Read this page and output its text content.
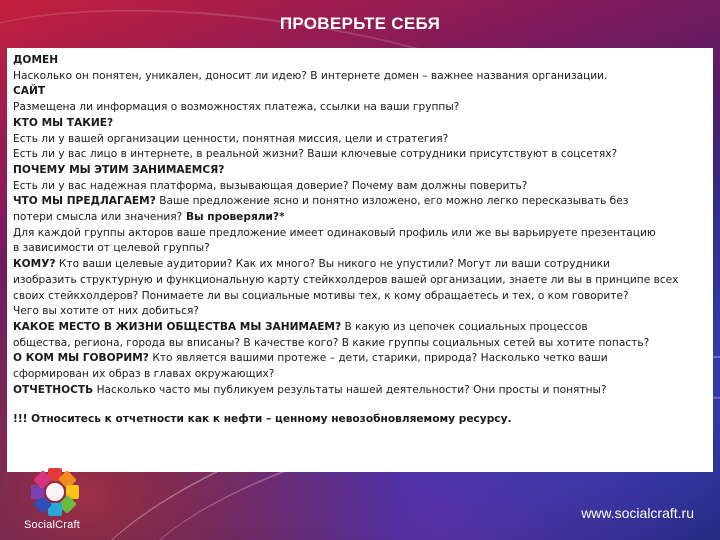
ПРОВЕРЬТЕ СЕБЯ

ДОМЕН

Насколько он понятен, уникален, доносит ли идею? В интернете домен – важнее названия организации.

САЙТ

Размещена ли информация о возможностях платежа, ссылки на ваши группы?

КТО МЫ ТАКИЕ?

Есть ли у вашей организации ценности, понятная миссия, цели и стратегия?

Есть ли у вас лицо в интернете, в реальной жизни? Ваши ключевые сотрудники присутствуют в соцсетях?

ПОЧЕМУ МЫ ЭТИМ ЗАНИМАЕМСЯ?

Есть ли у вас надежная платформа, вызывающая доверие? Почему вам должны поверить?

ЧТО МЫ ПРЕДЛАГАЕМ? Ваше предложение ясно и понятно изложено, его можно легко пересказывать без

потери смысла или значения? Вы проверяли?*

Для каждой группы акторов ваше предложение имеет одинаковый профиль или же вы варьируете презентацию

в зависимости от целевой группы?

КОМУ? Кто ваши целевые аудитории? Как их много? Вы никого не упустили? Могут ли ваши сотрудники

изобразить структурную и функциональную карту стейкхолдеров вашей организации, знаете ли вы в принципе всех

своих стейкхолдеров? Понимаете ли вы социальные мотивы тех, к кому обращаетесь и тех, о ком говорите?

Чего вы хотите от них добиться?

КАКОЕ МЕСТО В ЖИЗНИ ОБЩЕСТВА МЫ ЗАНИМАЕМ? В какую из цепочек социальных процессов

общества, региона, города вы вписаны? В качестве кого? В какие группы социальных сетей вы хотите попасть?

О КОМ МЫ ГОВОРИМ? Кто является вашими протеже – дети, старики, природа? Насколько четко ваши

сформирован их образ в главах окружающих?

ОТЧЕТНОСТЬ Насколько часто мы публикуем результаты нашей деятельности? Они просты и понятны?

!!! Относитесь к отчетности как к нефти – ценному невозобновляемому ресурсу.

SocialCraft
www.socialcraft.ru
